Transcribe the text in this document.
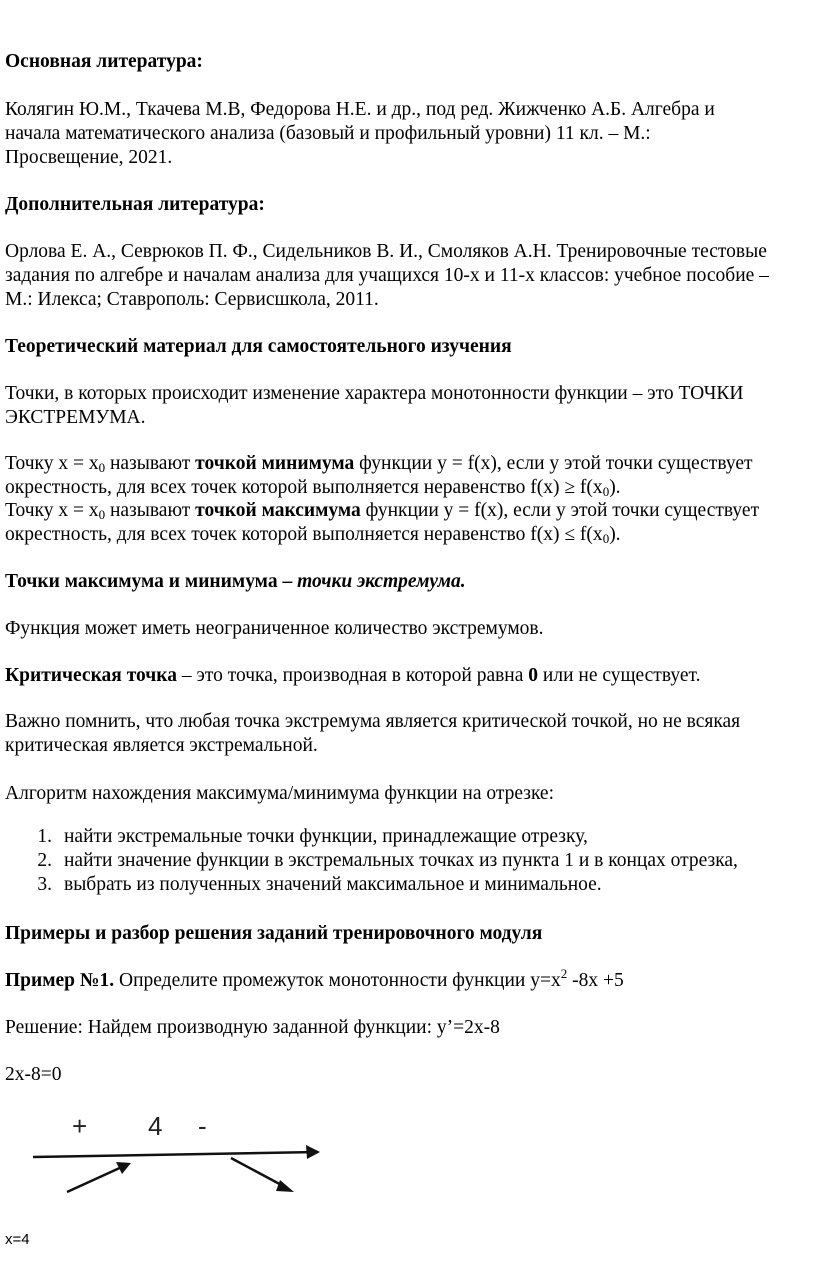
Основная литература:
Колягин Ю.М., Ткачева М.В, Федорова Н.Е. и др., под ред. Жижченко А.Б. Алгебра и
начала математического анализа (базовый и профильный уровни) 11 кл. – М.:
Просвещение, 2021.
Дополнительная литература:
Орлова Е. А., Севрюков П. Ф., Сидельников В. И., Смоляков А.Н. Тренировочные тестовые
задания по алгебре и началам анализа для учащихся 10-х и 11-х классов: учебное пособие –
М.: Илекса; Ставрополь: Сервисшкола, 2011.
Теоретический материал для самостоятельного изучения
Точки, в которых происходит изменение характера монотонности функции – это ТОЧКИ
ЭКСТРЕМУМА.
Точку $x = x_0$ называют точкой минимума функции y = f(x), если у этой точки существует
окрестность, для всех точек которой выполняется неравенство $f(x) \ge f(x_0)$.
Точку $x = x_0$ называют точкой максимума функции y = f(x), если у этой точки существует
окрестность, для всех точек которой выполняется неравенство $f(x) \le f(x_0)$.
Точки максимума и минимума – точки экстремума.
Функция может иметь неограниченное количество экстремумов.
Критическая точка – это точка, производная в которой равна 0 или не существует.
Важно помнить, что любая точка экстремума является критической точкой, но не всякая
критическая является экстремальной.
Алгоритм нахождения максимума/минимума функции на отрезке:
1. найти экстремальные точки функции, принадлежащие отрезку,
2. найти значение функции в экстремальных точках из пункта 1 и в концах отрезка,
3. выбрать из полученных значений максимальное и минимальное.
Примеры и разбор решения заданий тренировочного модуля
Пример №1. Определите промежуток монотонности функции $y=x^2$ -8x +5
Решение: Найдем производную заданной функции: y’=2x-8
2x-8=0
+ 4 -
x=4
